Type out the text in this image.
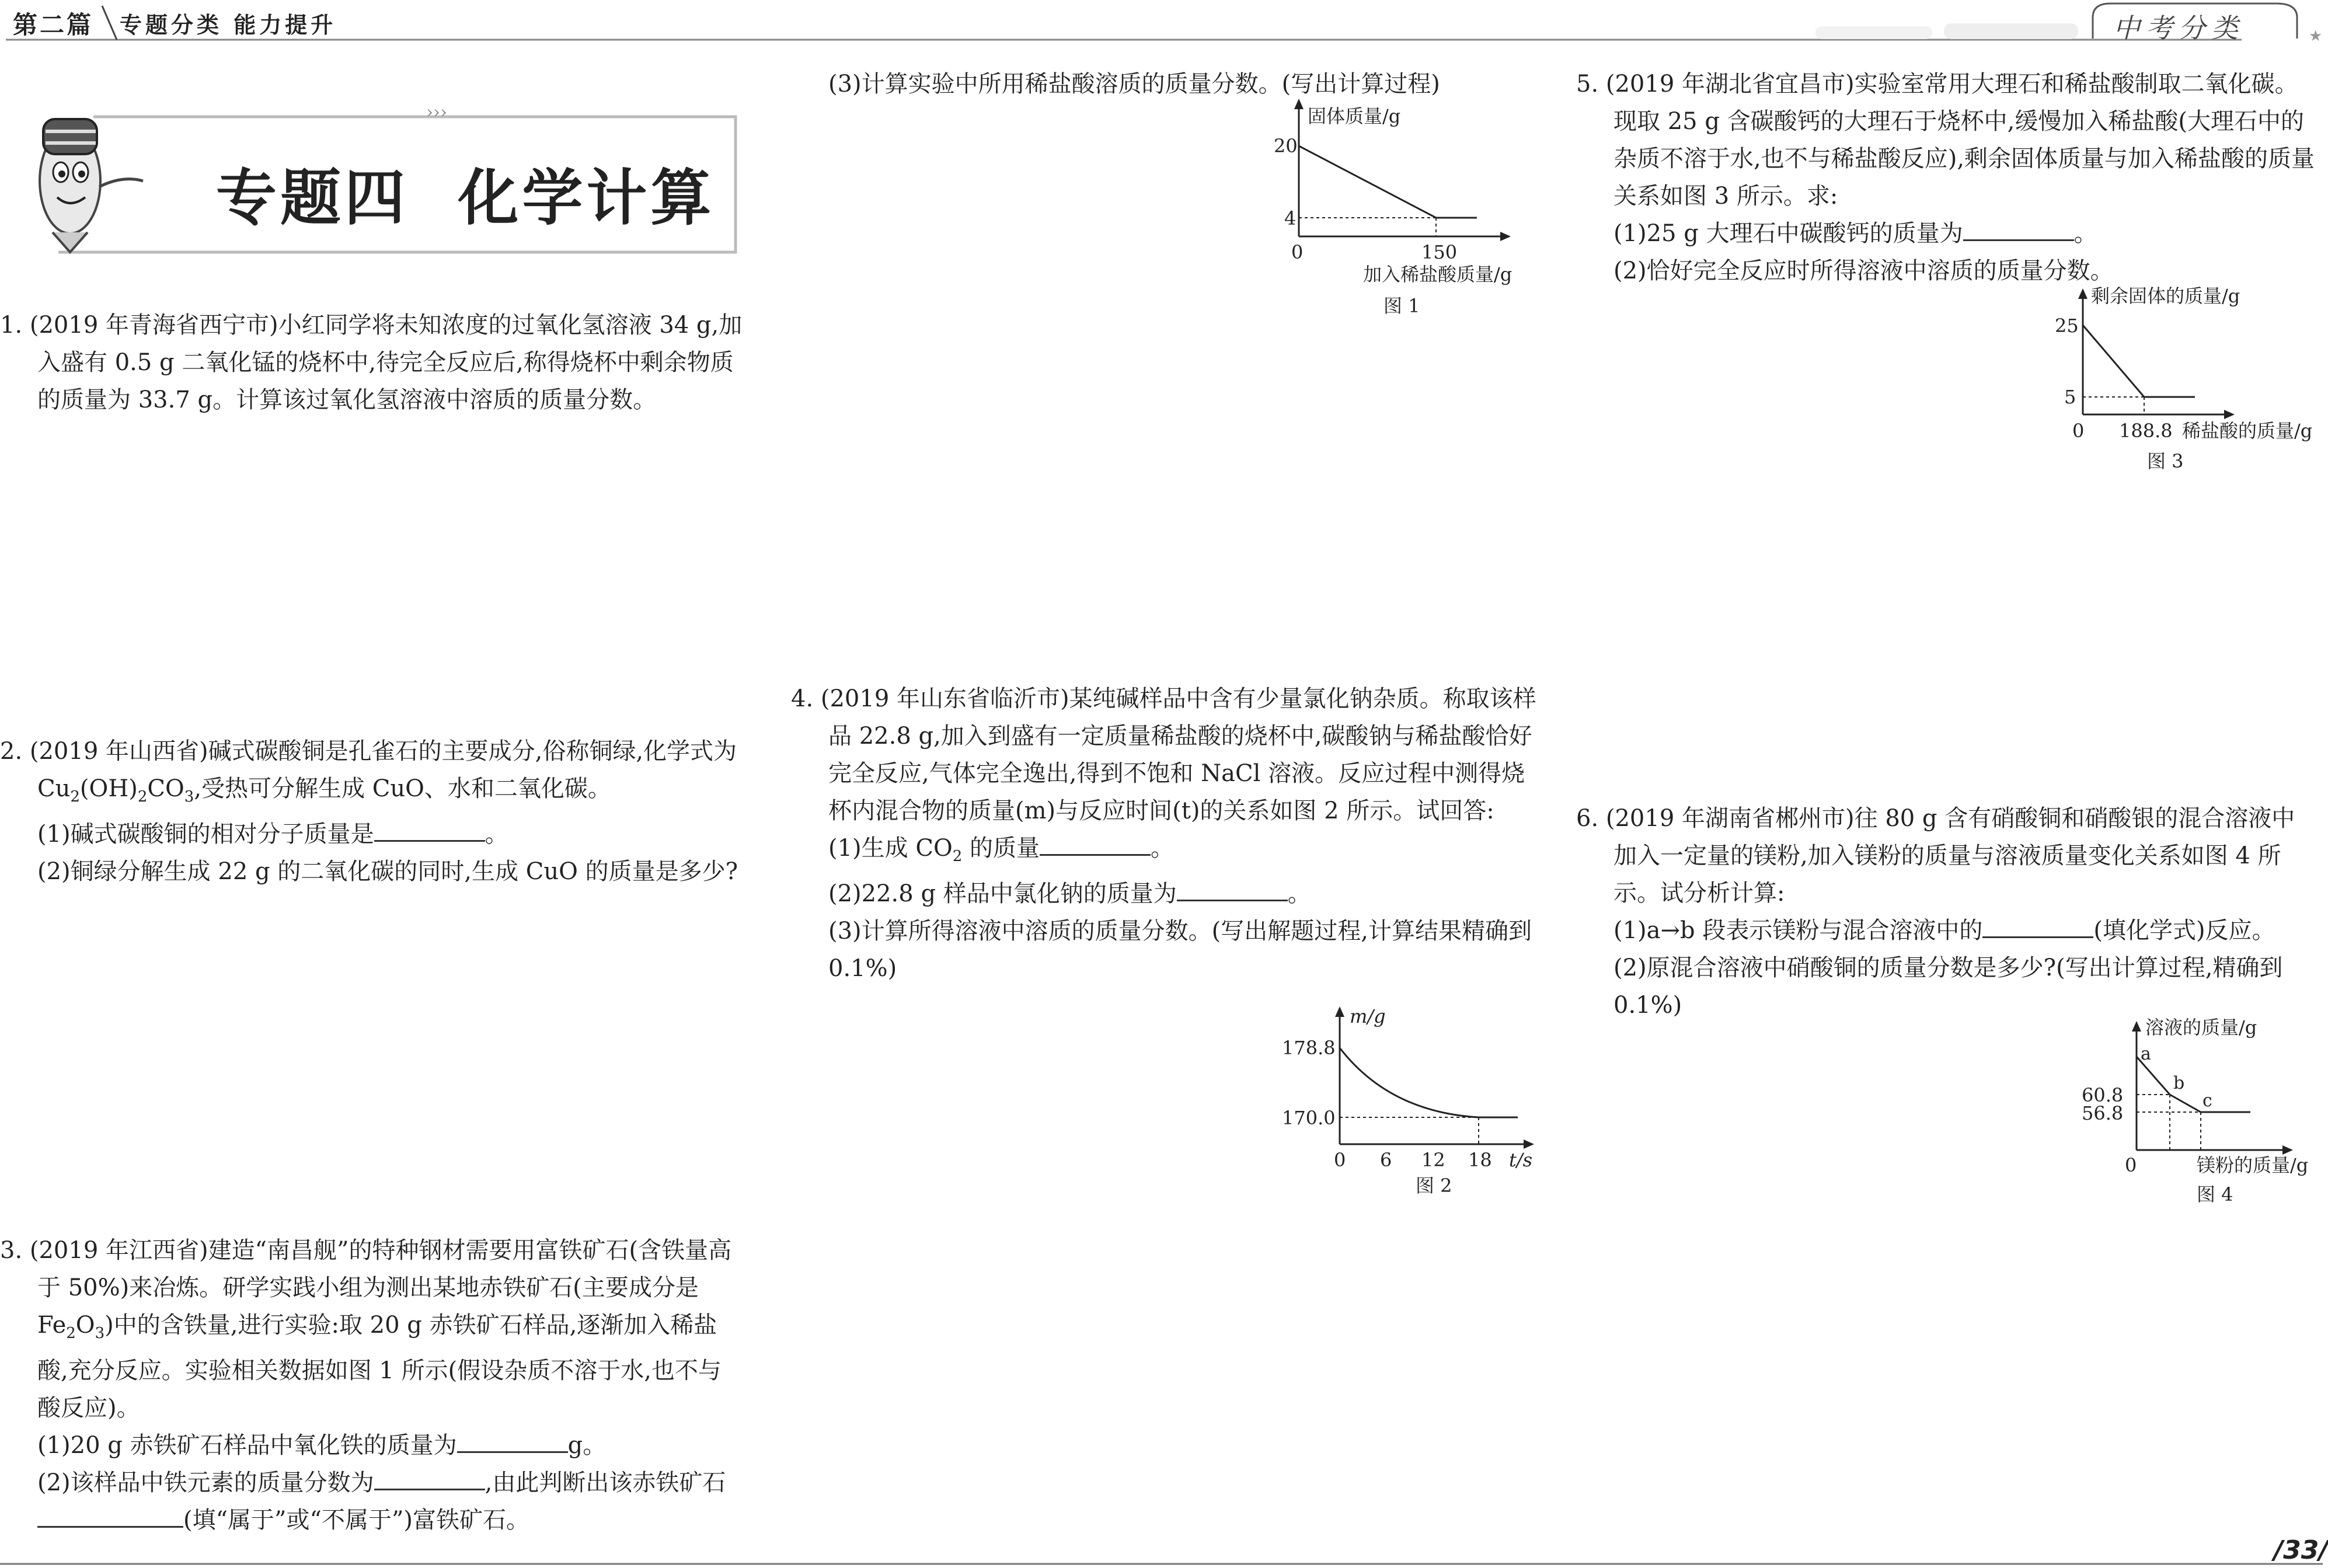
★
第二篇 专题分类 能力提升	中考分类
›››
专题四  化学计算

1. (2019 年青海省西宁市)小红同学将未知浓度的过氧化氢溶液 34 g,加入盛有 0.5 g 二氧化锰的烧杯中,待完全反应后,称得烧杯中剩余物质的质量为 33.7 g。计算该过氧化氢溶液中溶质的质量分数。

2. (2019 年山西省)碱式碳酸铜是孔雀石的主要成分,俗称铜绿,化学式为 $Cu_2(OH)_2CO_3$,受热可分解生成 CuO、水和二氧化碳。

(1)碱式碳酸铜的相对分子质量是	。

(2)铜绿分解生成 22 g 的二氧化碳的同时,生成 CuO 的质量是多少?

3. (2019 年江西省)建造“南昌舰”的特种钢材需要用富铁矿石(含铁量高于 50%)来冶炼。研学实践小组为测出某地赤铁矿石(主要成分是 $Fe_2O_3$)中的含铁量,进行实验:取 20 g 赤铁矿石样品,逐渐加入稀盐酸,充分反应。实验相关数据如图 1 所示(假设杂质不溶于水,也不与酸反应)。

(1)20 g 赤铁矿石样品中氧化铁的质量为	g。

(2)该样品中铁元素的质量分数为	,由此判断出该赤铁矿石(填“属于”或“不属于”)富铁矿石。

(3)计算实验中所用稀盐酸溶质的质量分数。(写出计算过程)

4. (2019 年山东省临沂市)某纯碱样品中含有少量氯化钠杂质。称取该样品 22.8 g,加入到盛有一定质量稀盐酸的烧杯中,碳酸钠与稀盐酸恰好完全反应,气体完全逸出,得到不饱和 NaCl 溶液。反应过程中测得烧杯内混合物的质量(m)与反应时间(t)的关系如图 2 所示。试回答:

(1)生成 $CO_2$ 的质量	。

(2)22.8 g 样品中氯化钠的质量为	。

(3)计算所得溶液中溶质的质量分数。(写出解题过程,计算结果精确到 0.1%)

5. (2019 年湖北省宜昌市)实验室常用大理石和稀盐酸制取二氧化碳。现取 25 g 含碳酸钙的大理石于烧杯中,缓慢加入稀盐酸(大理石中的杂质不溶于水,也不与稀盐酸反应),剩余固体质量与加入稀盐酸的质量关系如图 3 所示。求:

(1)25 g 大理石中碳酸钙的质量为	。

(2)恰好完全反应时所得溶液中溶质的质量分数。

6. (2019 年湖南省郴州市)往 80 g 含有硝酸铜和硝酸银的混合溶液中加入一定量的镁粉,加入镁粉的质量与溶液质量变化关系如图 4 所示。试分析计算:

(1)a→b 段表示镁粉与混合溶液中的	(填化学式)反应。

(2)原混合溶液中硝酸铜的质量分数是多少?(写出计算过程,精确到 0.1%)

固体质量/g
20
4
0	150
加入稀盐酸质量/g
图 1
m/g
178.8
170.0
0 6 12 18 t/s
图 2
剩余固体的质量/g
25
5
0 188.8 稀盐酸的质量/g
图 3
溶液的质量/g
a
b
c
60.8
56.8
0	镁粉的质量/g
图 4
/33/
